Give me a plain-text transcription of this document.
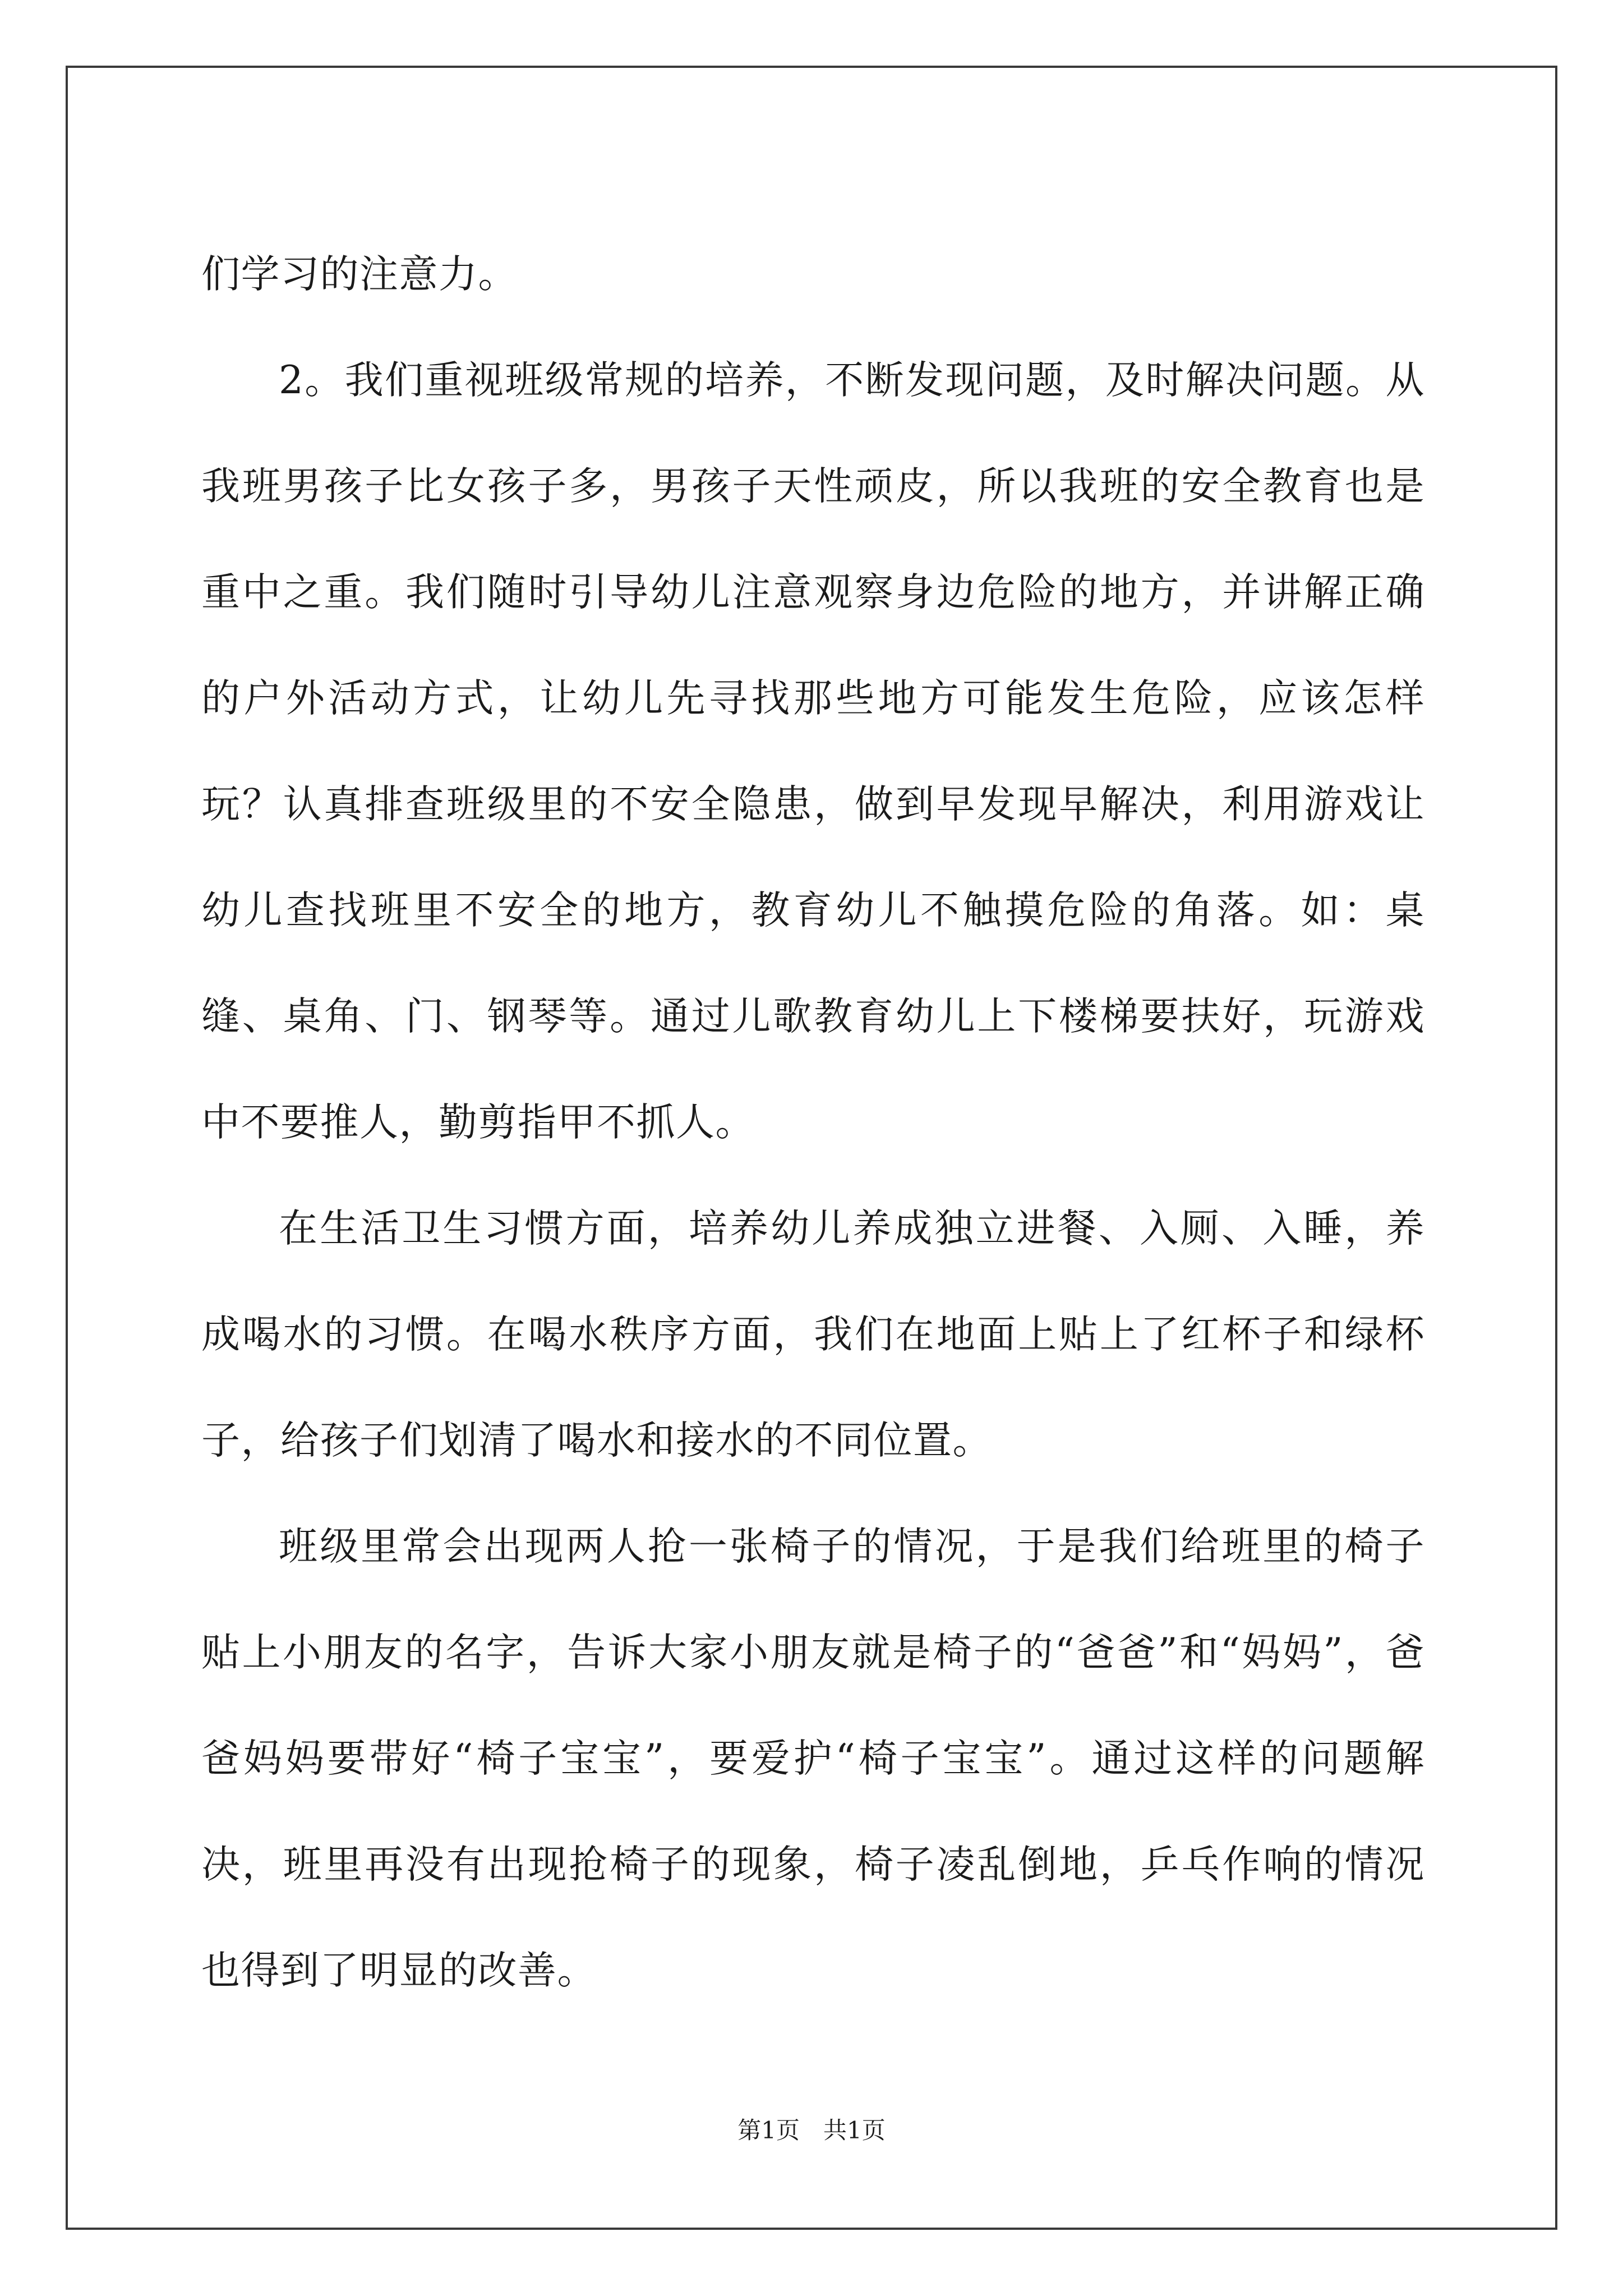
们学习的注意力。

2。我们重视班级常规的培养，不断发现问题，及时解决问题。从我班男孩子比女孩子多，男孩子天性顽皮，所以我班的安全教育也是重中之重。我们随时引导幼儿注意观察身边危险的地方，并讲解正确的户外活动方式，让幼儿先寻找那些地方可能发生危险，应该怎样玩？认真排查班级里的不安全隐患，做到早发现早解决，利用游戏让幼儿查找班里不安全的地方，教育幼儿不触摸危险的角落。如：桌缝、桌角、门、钢琴等。通过儿歌教育幼儿上下楼梯要扶好，玩游戏中不要推人，勤剪指甲不抓人。

在生活卫生习惯方面，培养幼儿养成独立进餐、入厕、入睡，养成喝水的习惯。在喝水秩序方面，我们在地面上贴上了红杯子和绿杯子，给孩子们划清了喝水和接水的不同位置。

班级里常会出现两人抢一张椅子的情况，于是我们给班里的椅子贴上小朋友的名字，告诉大家小朋友就是椅子的“爸爸”和“妈妈”，爸爸妈妈要带好“椅子宝宝”，要爱护“椅子宝宝”。通过这样的问题解决，班里再没有出现抢椅子的现象，椅子凌乱倒地，乒乓作响的情况也得到了明显的改善。

第1页　共1页
